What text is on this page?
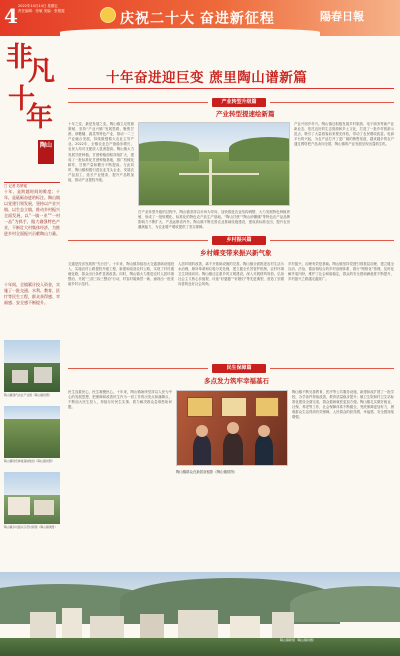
4 2022年10月14日 星期五
责任编辑：张敏 美编：张银霞	庆祝二十大 奋进新征程	陽春日報
非
凡
十
年
陶山
□ 记者 苏梦瑶
十年，是跨越时间的维度；十年，是砥砺奋进的标注。陶山镇以党建引领发展，坚持以产业兴镇、以生态立镇，推动乡村振兴全面发展，以“一镇一业”“一村一品”为抓手，做大做强特色产业，不断壮大村集体经济，为推进乡村全面振兴贡献陶山力量。
十年间，全镇累计投入资金，实施了一批交通、水利、教育、医疗等民生工程，群众获得感、幸福感、安全感不断提升。
陶山镇现代农业产业园（陶山镇供图）
陶山镇特色种植基地航拍（陶山镇供图）
陶山镇乡村振兴示范村新貌（陶山镇供图）
十年奋进迎巨变 蔗里陶山谱新篇
产业转型升级篇
产业转型提速绘新篇

十年之变，最是发展之变。陶山镇立足资源禀赋，坚持“产业兴镇”发展思路，聚焦甘蔗、砂糖橘、蔬菜等特色产业，推动一二三产业融合发展，持续做强做大农业主导产业。2022年，全镇农业总产值稳步增长，农民人均可支配收入显著提高。陶山镇大力发展甘蔗种植，甘蔗种植面积持续扩大，建成了一批标准化甘蔗种植基地，推广机械化耕作，甘蔗产量和糖分不断提高。与此同时，陶山镇积极引进农业龙头企业，发展农产品加工，延长产业链条，提升产品附加值，推动产业提档升级。

在产业转型升级的过程中，陶山镇坚持以市场为导向，加快推进农业结构调整，大力发展特色种植养殖，形成了一批规模化、标准化的特色农产品生产基地。“陶山甘蔗”“陶山砂糖橘”等特色农产品品牌影响力不断扩大，产品远销省内外。陶山镇不断完善农业基础设施建设，建成高标准农田，提升农田灌溉能力，为农业增产增收提供了坚实保障。

产业兴则乡村兴。陶山镇还积极发展乡村旅游、电子商务等新产业新业态，依托良好的生态资源和乡土文化，打造了一批乡村旅游示范点，吸引了大量游客前来观光体验，带动了农民增收致富。电商平台的兴起，为农产品打开了更广阔的销售渠道，越来越多的农户通过网络把产品卖向全国，陶山镇的产业发展呈现出蓬勃生机。

乡村振兴篇
乡村蝶变带来振兴新气象

交通是经济发展的“先行官”。十年来，陶山镇持续加大交通基础设施投入，实施农村公路提档升级工程，新建和改造农村公路，实现了村村通硬化路，群众出行条件显著改善。同时，陶山镇大力推进农村人居环境整治，开展“三清三拆三整治”行动，村容村貌焕然一新，涌现出一批美丽乡村示范村。

人居环境的改善，离不开基础设施的完善。陶山镇全面推进农村生活污水治理、厕所革命和垃圾分类处理，建立健全长效管护机制，农村环境卫生持续向好。陶山镇还注重乡风文明建设，深入开展移风易俗，弘扬社会主义核心价值观，评选“好婆婆”“好媳妇”等先进典型，营造了崇德向善的良好社会风尚。

乡村振兴，治理有效是基础。陶山镇坚持党建引领基层治理，建立健全自治、法治、德治相结合的乡村治理体系，推行“网格化”管理，及时化解矛盾纠纷，维护了社会和谐稳定，群众的安全感和满意度不断提升，乡村振兴之路越走越宽广。

民生保障篇
多点发力筑牢幸福基石

民生连着民心，民生凝聚民心。十年来，陶山镇始终坚持以人民为中心的发展思想，把保障和改善民生作为一切工作的出发点和落脚点，不断加大民生投入，持续办好民生实事，着力解决群众急难愁盼问题。

陶山镇群众在新居前留影（陶山镇供图）

陶山镇不断完善教育、医疗等公共服务设施，新建和改扩建了一批学校，办学条件持续改善，教育质量稳步提升；镇卫生院和村卫生站标准化建设全面完成，群众看病就医更加方便。陶山镇扎实做好就业、社保、养老等工作，社会保障体系不断健全，兜底保障更加有力，困难群众生活得到有效保障，人民群众的获得感、幸福感、安全感持续增强。

陶山镇新貌（陶山镇供图）
